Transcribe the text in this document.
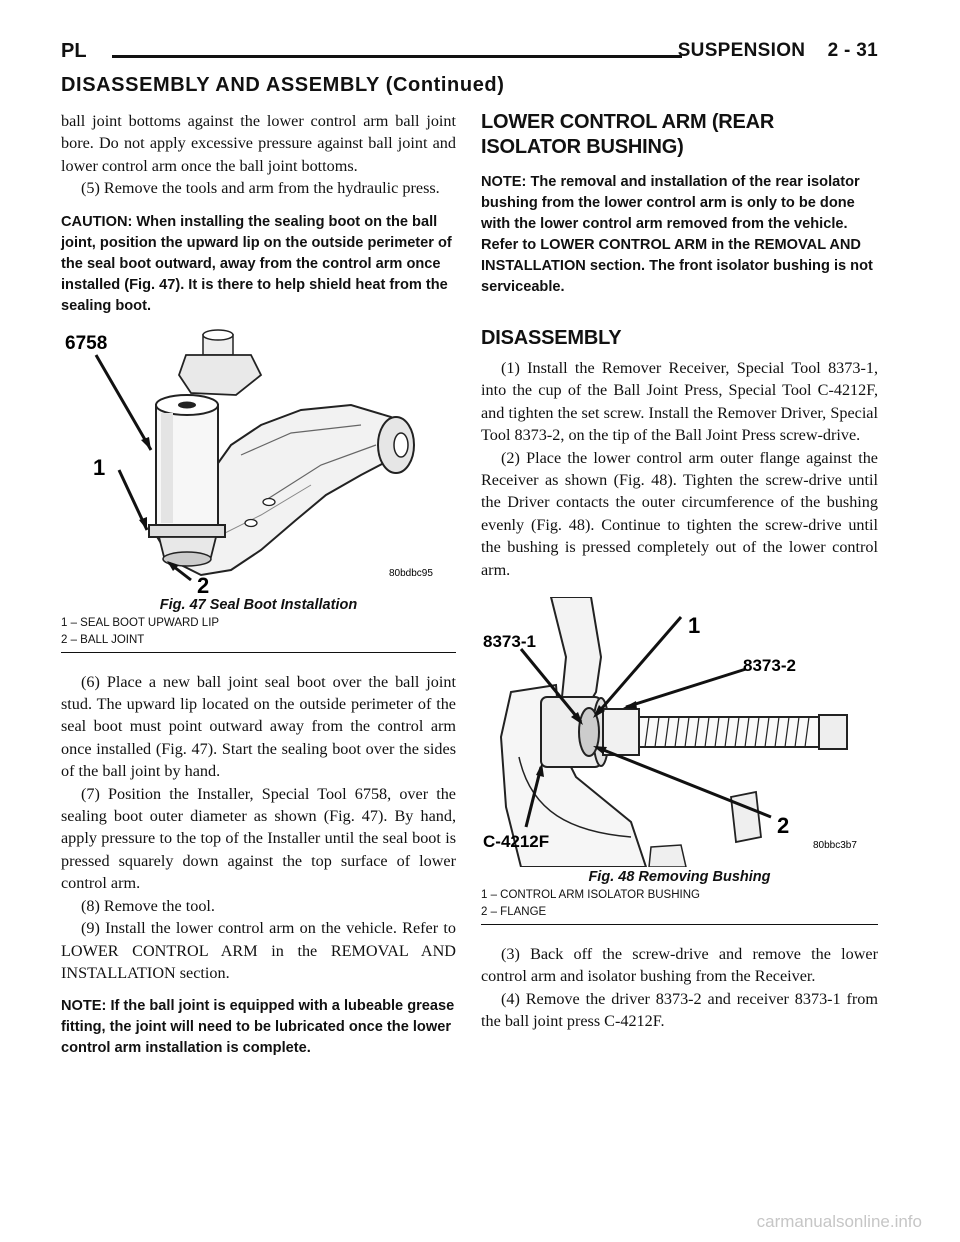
PL	SUSPENSION    2 - 31
DISASSEMBLY AND ASSEMBLY (Continued)

ball joint bottoms against the lower control arm ball joint bore. Do not apply excessive pressure against ball joint and lower control arm once the ball joint bottoms.

(5) Remove the tools and arm from the hydraulic press.

CAUTION: When installing the sealing boot on the ball joint, position the upward lip on the outside perimeter of the seal boot outward, away from the control arm once installed (Fig. 47). It is there to help shield heat from the sealing boot.

6758
1
2	80bdbc95
Fig. 47 Seal Boot Installation
1 – SEAL BOOT UPWARD LIP
2 – BALL JOINT

(6) Place a new ball joint seal boot over the ball joint stud. The upward lip located on the outside perimeter of the seal boot must point outward away from the control arm once installed (Fig. 47). Start the sealing boot over the sides of the ball joint by hand.

(7) Position the Installer, Special Tool 6758, over the sealing boot outer diameter as shown (Fig. 47). By hand, apply pressure to the top of the Installer until the seal boot is pressed squarely down against the top surface of lower control arm.

(8) Remove the tool.

(9) Install the lower control arm on the vehicle. Refer to LOWER CONTROL ARM in the REMOVAL AND INSTALLATION section.

NOTE: If the ball joint is equipped with a lubeable grease fitting, the joint will need to be lubricated once the lower control arm installation is complete.

LOWER CONTROL ARM (REAR ISOLATOR BUSHING)

NOTE: The removal and installation of the rear isolator bushing from the lower control arm is only to be done with the lower control arm removed from the vehicle. Refer to LOWER CONTROL ARM in the REMOVAL AND INSTALLATION section. The front isolator bushing is not serviceable.

DISASSEMBLY

(1) Install the Remover Receiver, Special Tool 8373-1, into the cup of the Ball Joint Press, Special Tool C-4212F, and tighten the set screw. Install the Remover Driver, Special Tool 8373-2, on the tip of the Ball Joint Press screw-drive.

(2) Place the lower control arm outer flange against the Receiver as shown (Fig. 48). Tighten the screw-drive until the Driver contacts the outer circumference of the bushing evenly (Fig. 48). Continue to tighten the screw-drive until the bushing is pressed completely out of the lower control arm.

8373-1
1
8373-2
2
C-4212F	80bbc3b7
Fig. 48 Removing Bushing
1 – CONTROL ARM ISOLATOR BUSHING
2 – FLANGE

(3) Back off the screw-drive and remove the lower control arm and isolator bushing from the Receiver.

(4) Remove the driver 8373-2 and receiver 8373-1 from the ball joint press C-4212F.

carmanualsonline.info
